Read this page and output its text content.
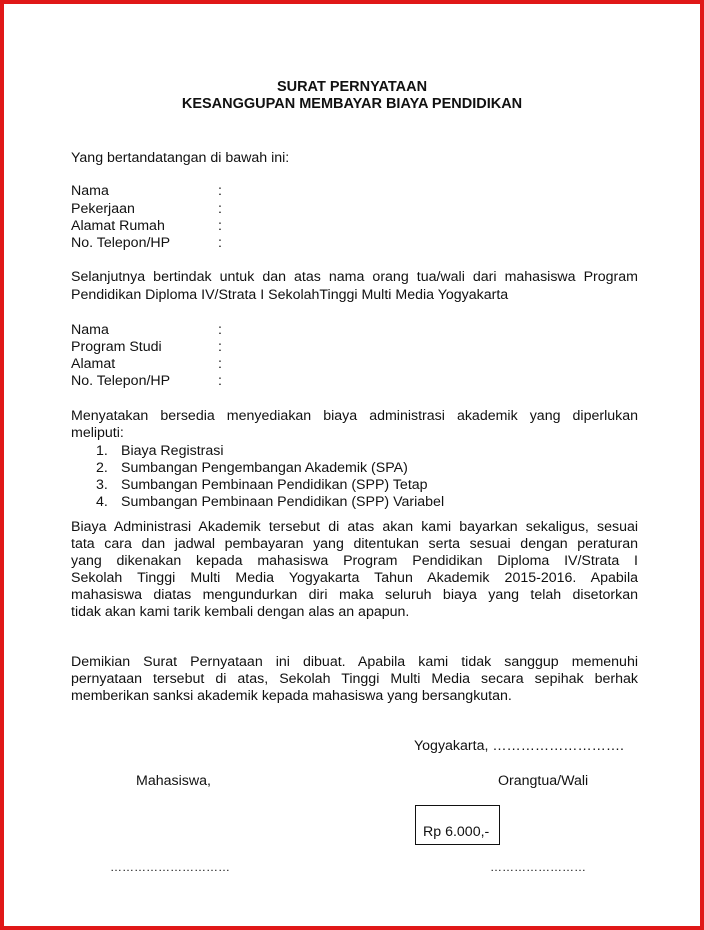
SURAT PERNYATAAN
KESANGGUPAN MEMBAYAR BIAYA PENDIDIKAN
Yang bertandatangan di bawah ini:
Nama	:
Pekerjaan	:
Alamat Rumah	:
No. Telepon/HP	:
Selanjutnya bertindak untuk dan atas nama orang tua/wali dari mahasiswa Program
Pendidikan Diploma IV/Strata I SekolahTinggi Multi Media Yogyakarta
Nama	:
Program Studi	:
Alamat	:
No. Telepon/HP	:
Menyatakan bersedia menyediakan biaya administrasi akademik yang diperlukan
meliputi:
1. Biaya Registrasi
2. Sumbangan Pengembangan Akademik (SPA)
3. Sumbangan Pembinaan Pendidikan (SPP) Tetap
4. Sumbangan Pembinaan Pendidikan (SPP) Variabel
Biaya Administrasi Akademik tersebut di atas akan kami bayarkan sekaligus, sesuai
tata cara dan jadwal pembayaran yang ditentukan serta sesuai dengan peraturan
yang dikenakan kepada mahasiswa Program Pendidikan Diploma IV/Strata I
Sekolah Tinggi Multi Media Yogyakarta Tahun Akademik 2015-2016. Apabila
mahasiswa diatas mengundurkan diri maka seluruh biaya yang telah disetorkan
tidak akan kami tarik kembali dengan alas an apapun.
Demikian Surat Pernyataan ini dibuat. Apabila kami tidak sanggup memenuhi
pernyataan tersebut di atas, Sekolah Tinggi Multi Media secara sepihak berhak
memberikan sanksi akademik kepada mahasiswa yang bersangkutan.
Yogyakarta, ……………………….
Mahasiswa,	Orangtua/Wali
Rp 6.000,-
…………………………	……………………
